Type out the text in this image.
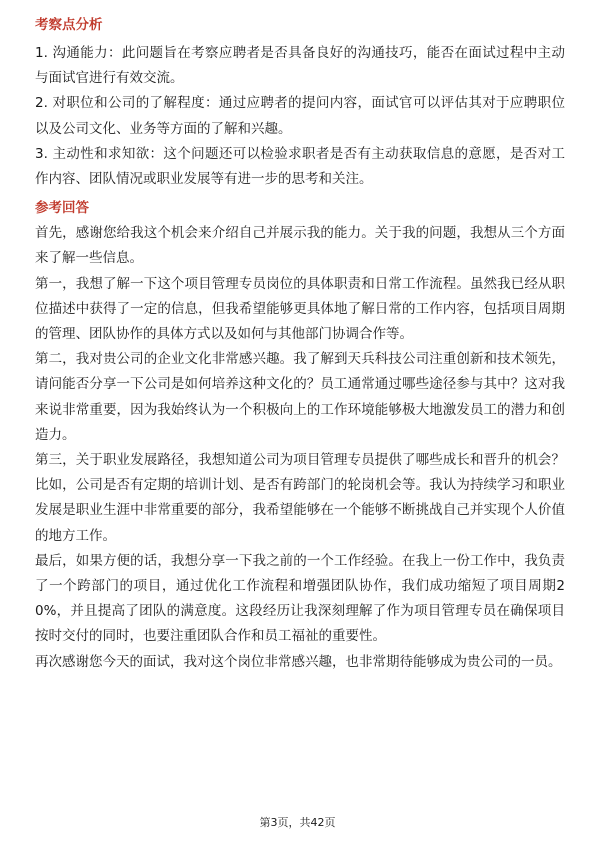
考察点分析

1. 沟通能力：此问题旨在考察应聘者是否具备良好的沟通技巧，能否在面试过程中主动与面试官进行有效交流。

2. 对职位和公司的了解程度：通过应聘者的提问内容，面试官可以评估其对于应聘职位以及公司文化、业务等方面的了解和兴趣。

3. 主动性和求知欲：这个问题还可以检验求职者是否有主动获取信息的意愿，是否对工作内容、团队情况或职业发展等有进一步的思考和关注。

参考回答

首先，感谢您给我这个机会来介绍自己并展示我的能力。关于我的问题，我想从三个方面来了解一些信息。

第一，我想了解一下这个项目管理专员岗位的具体职责和日常工作流程。虽然我已经从职位描述中获得了一定的信息，但我希望能够更具体地了解日常的工作内容，包括项目周期的管理、团队协作的具体方式以及如何与其他部门协调合作等。

第二，我对贵公司的企业文化非常感兴趣。我了解到天兵科技公司注重创新和技术领先，请问能否分享一下公司是如何培养这种文化的？员工通常通过哪些途径参与其中？这对我来说非常重要，因为我始终认为一个积极向上的工作环境能够极大地激发员工的潜力和创造力。

第三，关于职业发展路径，我想知道公司为项目管理专员提供了哪些成长和晋升的机会？比如，公司是否有定期的培训计划、是否有跨部门的轮岗机会等。我认为持续学习和职业发展是职业生涯中非常重要的部分，我希望能够在一个能够不断挑战自己并实现个人价值的地方工作。

最后，如果方便的话，我想分享一下我之前的一个工作经验。在我上一份工作中，我负责了一个跨部门的项目，通过优化工作流程和增强团队协作，我们成功缩短了项目周期20%，并且提高了团队的满意度。这段经历让我深刻理解了作为项目管理专员在确保项目按时交付的同时，也要注重团队合作和员工福祉的重要性。

再次感谢您今天的面试，我对这个岗位非常感兴趣，也非常期待能够成为贵公司的一员。

第3页，共42页
